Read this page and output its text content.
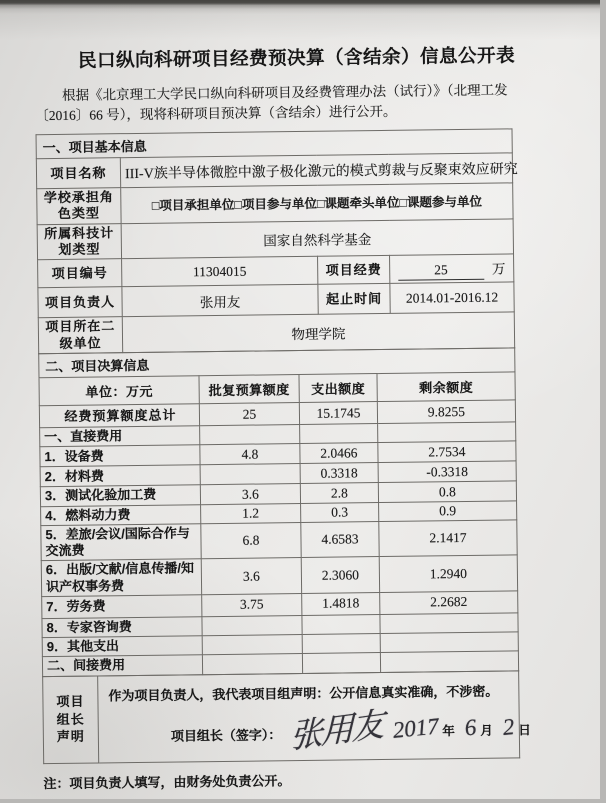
民口纵向科研项目经费预决算（含结余）信息公开表

根据《北京理工大学民口纵向科研项目及经费管理办法（试行）》（北理工发
〔2016〕66 号），现将科研项目预决算（含结余）进行公开。

一、项目基本信息			
项目名称	III-V族半导体微腔中激子极化激元的模式剪裁与反聚束效应研究		
学校承担角色类型	□项目承担单位□项目参与单位□课题牵头单位□课题参与单位		
所属科技计划类型	国家自然科学基金		
项目编号	11304015	项目经费	25 万
项目负责人	张用友	起止时间	2014.01-2016.12
项目所在二级单位	物理学院		
二、项目决算信息			
单位：万元	批复预算额度	支出额度	剩余额度
经费预算额度总计	25	15.1745	9.8255
一、直接费用			
1．设备费	4.8	2.0466	2.7534
2．材料费		0.3318	-0.3318
3．测试化验加工费	3.6	2.8	0.8
4．燃料动力费	1.2	0.3	0.9
5．差旅/会议/国际合作与交流费	6.8	4.6583	2.1417
6．出版/文献/信息传播/知识产权事务费	3.6	2.3060	1.2940
7．劳务费	3.75	1.4818	2.2682
8．专家咨询费			
9．其他支出			
二、间接费用			
项目
组长
声明	
作为项目负责人，我代表项目组声明：公开信息真实准确，不涉密。
项目组长（签字）： 张用友 2017 年 6 月 2 日

注：项目负责人填写，由财务处负责公开。
